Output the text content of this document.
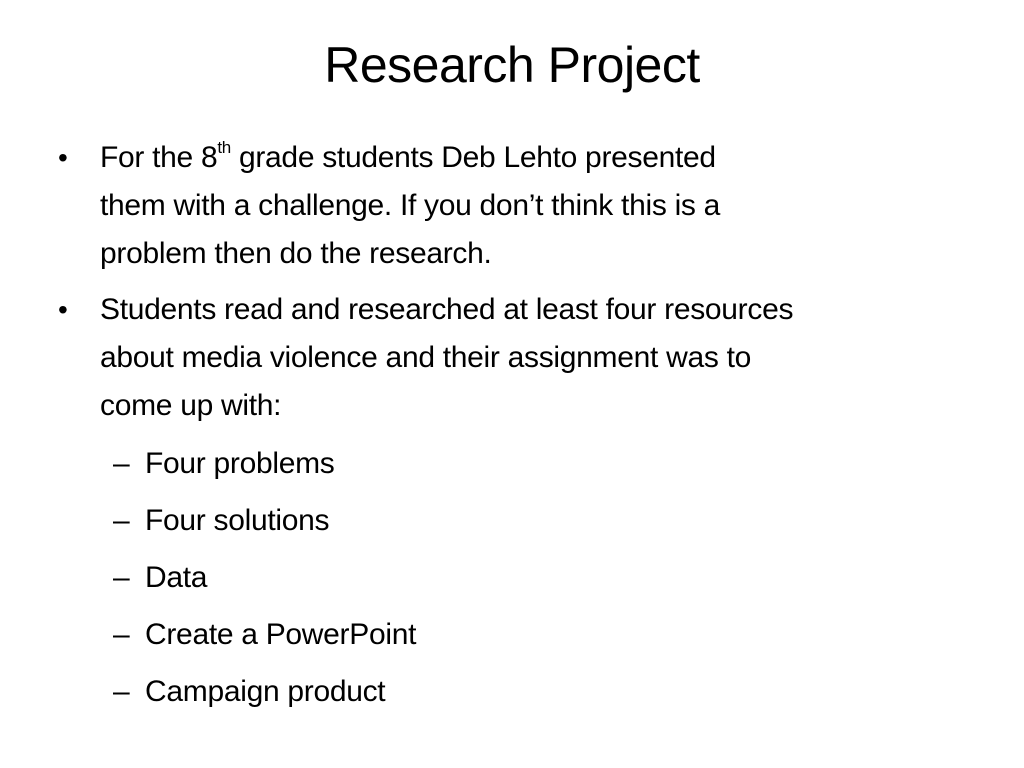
Research Project
• For the 8th grade students Deb Lehto presented
them with a challenge. If you don’t think this is a
problem then do the research.
• Students read and researched at least four resources
about media violence and their assignment was to
come up with:
– Four problems
– Four solutions
– Data
– Create a PowerPoint
– Campaign product
